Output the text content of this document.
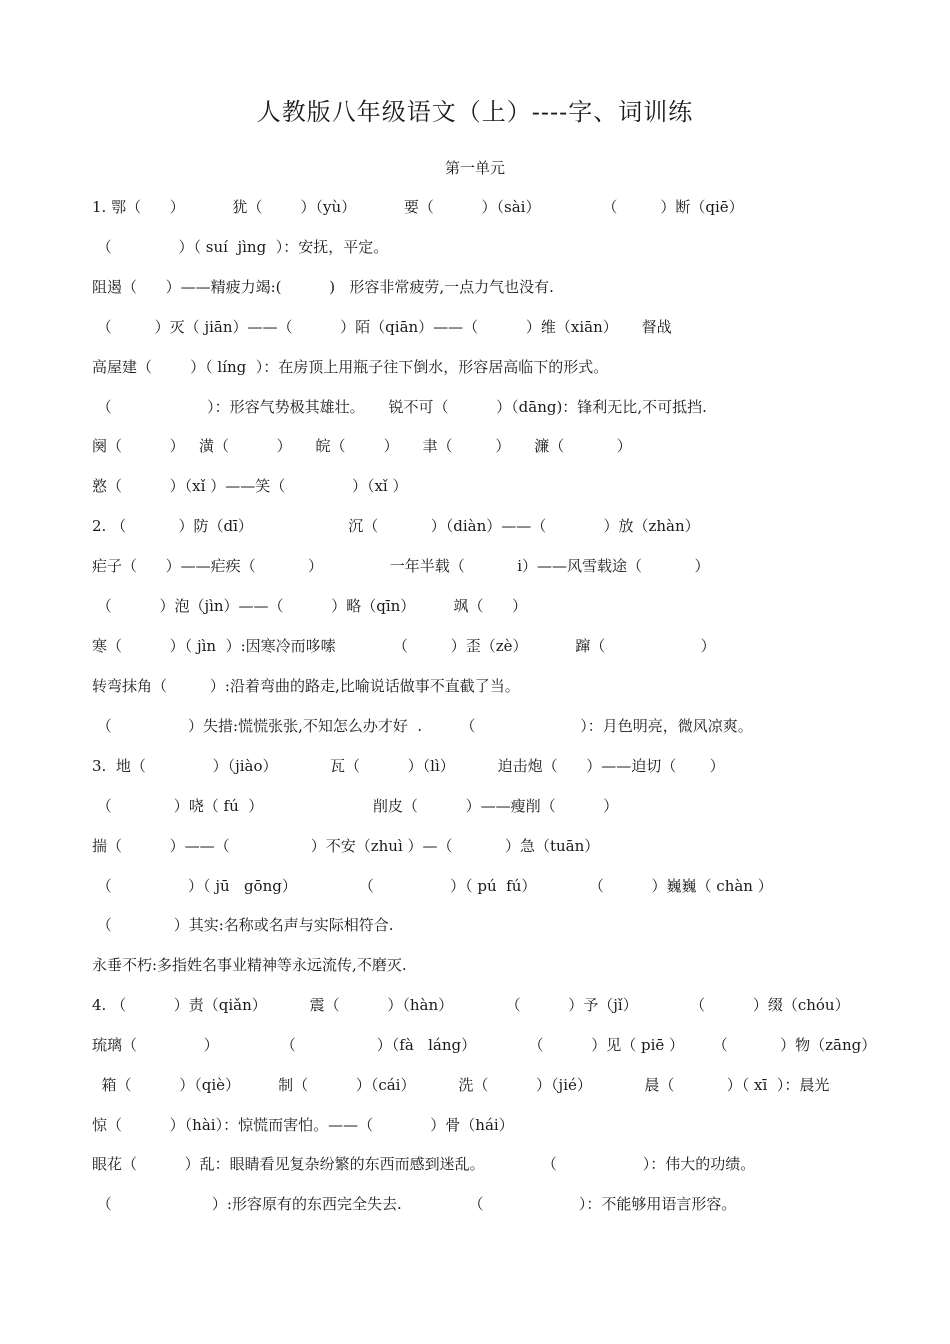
人教版八年级语文（上）----字、词训练
第一单元
1. 鄂（      ）          犹（        ）（yù）          要（          ）（sài）             （         ）断（qiē）
（              ）（ suí  jìng  ）：安抚，平定。
阻遏（      ）——精疲力竭:(          )   形容非常疲劳,一点力气也没有.
（         ）灭（ jiān）——（          ）陌（qiān）——（          ）维（xiān）     督战
高屋建（        ）（ líng  ）：在房顶上用瓶子往下倒水，形容居高临下的形式。
（                    ）：形容气势极其雄壮。     锐不可（          ）（dāng)：锋利无比,不可抵挡.
阕（          ）   潢（          ）     皖（        ）     聿（         ）     濂（           ）
憝（          ）（xǐ ）——笑（              ）（xǐ ）
2. （           ）防（dī）                    沉（           ）（diàn）——（            ）放（zhàn）
疟子（      ）——疟疾（           ）              一年半载（           i）——风雪载途（           ）
（          ）泡（jìn）——（          ）略（qīn）        飒（      ）
寒（          ）（ jìn  ）:因寒冷而哆嗦            （         ）歪（zè）          蹿（                    ）
转弯抹角（         ）:沿着弯曲的路走,比喻说话做事不直截了当。
（                ）失措:慌慌张张,不知怎么办才好  .        （                      ）：月色明亮，微风凉爽。
3.  地（              ）（jiào）           瓦（          ）（lì）         迫击炮（      ）——迫切（       ）
（             ）哓（ fú  ）                       削皮（          ）——瘦削（          ）
揣（          ）——（                 ）不安（zhuì ）—（           ）急（tuān）
（                ）（ jū   gōng）             （                ）（ pú  fú）           （          ）巍巍（ chàn ）
（             ）其实:名称或名声与实际相符合.
永垂不朽:多指姓名事业精神等永远流传,不磨灭.
4. （          ）责（qiǎn）         震（          ）（hàn）           （          ）予（jǐ）           （          ）缀（chóu）
琉璃（              ）             （                 ）（fà   láng）           （          ）见（ piē ）      （           ）物（zāng）
箱（          ）（qiè）        制（          ）（cái）         洗（          ）（jié）           晨（           ）（ xī  ）：晨光
惊（          ）（hài）：惊慌而害怕。——（            ）骨（hái）
眼花（          ）乱：眼睛看见复杂纷繁的东西而感到迷乱。            （                  ）：伟大的功绩。
（                     ）:形容原有的东西完全失去.              （                    ）：不能够用语言形容。
